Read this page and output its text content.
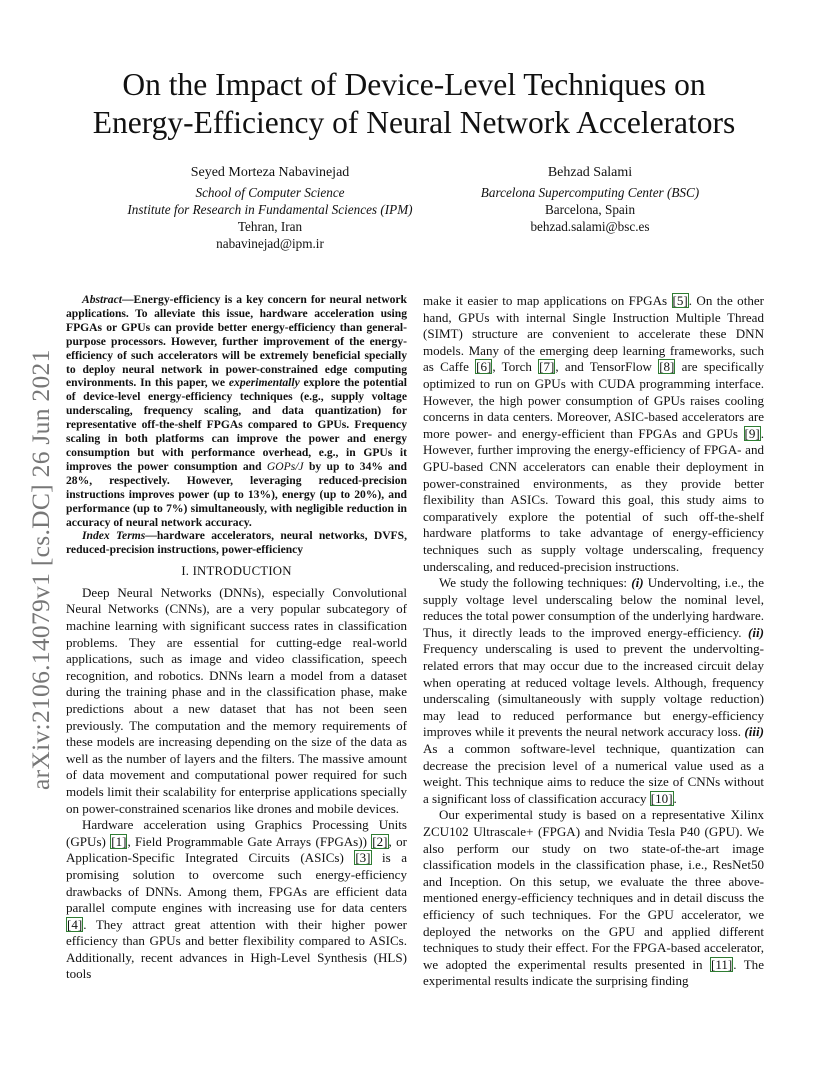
arXiv:2106.14079v1 [cs.DC] 26 Jun 2021
On the Impact of Device-Level Techniques on
Energy-Efficiency of Neural Network Accelerators
Seyed Morteza Nabavinejad
School of Computer Science
Institute for Research in Fundamental Sciences (IPM)
Tehran, Iran
nabavinejad@ipm.ir
Behzad Salami
Barcelona Supercomputing Center (BSC)
Barcelona, Spain
behzad.salami@bsc.es

Abstract—Energy-efficiency is a key concern for neural network applications. To alleviate this issue, hardware acceleration using FPGAs or GPUs can provide better energy-efficiency than general-purpose processors. However, further improvement of the energy-efficiency of such accelerators will be extremely beneficial specially to deploy neural network in power-constrained edge computing environments. In this paper, we experimentally explore the potential of device-level energy-efficiency techniques (e.g., supply voltage underscaling, frequency scaling, and data quantization) for representative off-the-shelf FPGAs compared to GPUs. Frequency scaling in both platforms can improve the power and energy consumption but with performance overhead, e.g., in GPUs it improves the power consumption and GOPs/J by up to 34% and 28%, respectively. However, leveraging reduced-precision instructions improves power (up to 13%), energy (up to 20%), and performance (up to 7%) simultaneously, with negligible reduction in accuracy of neural network accuracy.

Index Terms—hardware accelerators, neural networks, DVFS, reduced-precision instructions, power-efficiency

I. INTRODUCTION

Deep Neural Networks (DNNs), especially Convolutional Neural Networks (CNNs), are a very popular subcategory of machine learning with significant success rates in classification problems. They are essential for cutting-edge real-world applications, such as image and video classification, speech recognition, and robotics. DNNs learn a model from a dataset during the training phase and in the classification phase, make predictions about a new dataset that has not been seen previously. The computation and the memory requirements of these models are increasing depending on the size of the data as well as the number of layers and the filters. The massive amount of data movement and computational power required for such models limit their scalability for enterprise applications specially on power-constrained scenarios like drones and mobile devices.

Hardware acceleration using Graphics Processing Units (GPUs) [1], Field Programmable Gate Arrays (FPGAs)) [2], or Application-Specific Integrated Circuits (ASICs) [3] is a promising solution to overcome such energy-efficiency drawbacks of DNNs. Among them, FPGAs are efficient data parallel compute engines with increasing use for data centers [4]. They attract great attention with their higher power efficiency than GPUs and better flexibility compared to ASICs. Additionally, recent advances in High-Level Synthesis (HLS) tools

make it easier to map applications on FPGAs [5]. On the other hand, GPUs with internal Single Instruction Multiple Thread (SIMT) structure are convenient to accelerate these DNN models. Many of the emerging deep learning frameworks, such as Caffe [6], Torch [7], and TensorFlow [8] are specifically optimized to run on GPUs with CUDA programming interface. However, the high power consumption of GPUs raises cooling concerns in data centers. Moreover, ASIC-based accelerators are more power- and energy-efficient than FPGAs and GPUs [9]. However, further improving the energy-efficiency of FPGA- and GPU-based CNN accelerators can enable their deployment in power-constrained environments, as they provide better flexibility than ASICs. Toward this goal, this study aims to comparatively explore the potential of such off-the-shelf hardware platforms to take advantage of energy-efficiency techniques such as supply voltage underscaling, frequency underscaling, and reduced-precision instructions.

We study the following techniques: (i) Undervolting, i.e., the supply voltage level underscaling below the nominal level, reduces the total power consumption of the underlying hardware. Thus, it directly leads to the improved energy-efficiency. (ii) Frequency underscaling is used to prevent the undervolting-related errors that may occur due to the increased circuit delay when operating at reduced voltage levels. Although, frequency underscaling (simultaneously with supply voltage reduction) may lead to reduced performance but energy-efficiency improves while it prevents the neural network accuracy loss. (iii) As a common software-level technique, quantization can decrease the precision level of a numerical value used as a weight. This technique aims to reduce the size of CNNs without a significant loss of classification accuracy [10].

Our experimental study is based on a representative Xilinx ZCU102 Ultrascale+ (FPGA) and Nvidia Tesla P40 (GPU). We also perform our study on two state-of-the-art image classification models in the classification phase, i.e., ResNet50 and Inception. On this setup, we evaluate the three above-mentioned energy-efficiency techniques and in detail discuss the efficiency of such techniques. For the GPU accelerator, we deployed the networks on the GPU and applied different techniques to study their effect. For the FPGA-based accelerator, we adopted the experimental results presented in [11]. The experimental results indicate the surprising finding
